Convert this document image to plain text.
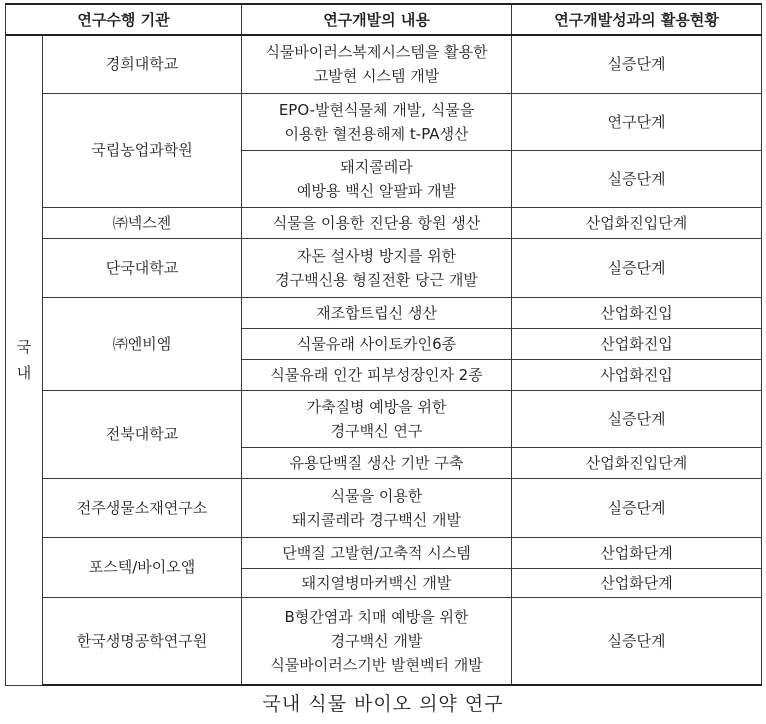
연구수행 기관		연구개발의 내용	연구개발성과의 활용현황
국
내	경희대학교	식물바이러스복제시스템을 활용한
고발현 시스템 개발	실증단계
	국립농업과학원	EPO-발현식물체 개발, 식물을
이용한 혈전용해제 t-PA생산	연구단계
		돼지콜레라
예방용 백신 알팔파 개발	실증단계
	㈜넥스젠	식물을 이용한 진단용 항원 생산	산업화진입단계
	단국대학교	자돈 설사병 방지를 위한
경구백신용 형질전환 당근 개발	실증단계
	㈜엔비엠	재조합트립신 생산	산업화진입
		식물유래 사이토카인6종	산업화진입
		식물유래 인간 피부성장인자 2종	사업화진입
	전북대학교	가축질병 예방을 위한
경구백신 연구	실증단계
		유용단백질 생산 기반 구축	산업화진입단계
	전주생물소재연구소	식물을 이용한
돼지콜레라 경구백신 개발	실증단계
	포스텍/바이오앱	단백질 고발현/고축적 시스템	산업화단계
		돼지열병마커백신 개발	산업화단계
	한국생명공학연구원	B형간염과 치매 예방을 위한
경구백신 개발
식물바이러스기반 발현벡터 개발	실증단계
국내 식물 바이오 의약 연구
